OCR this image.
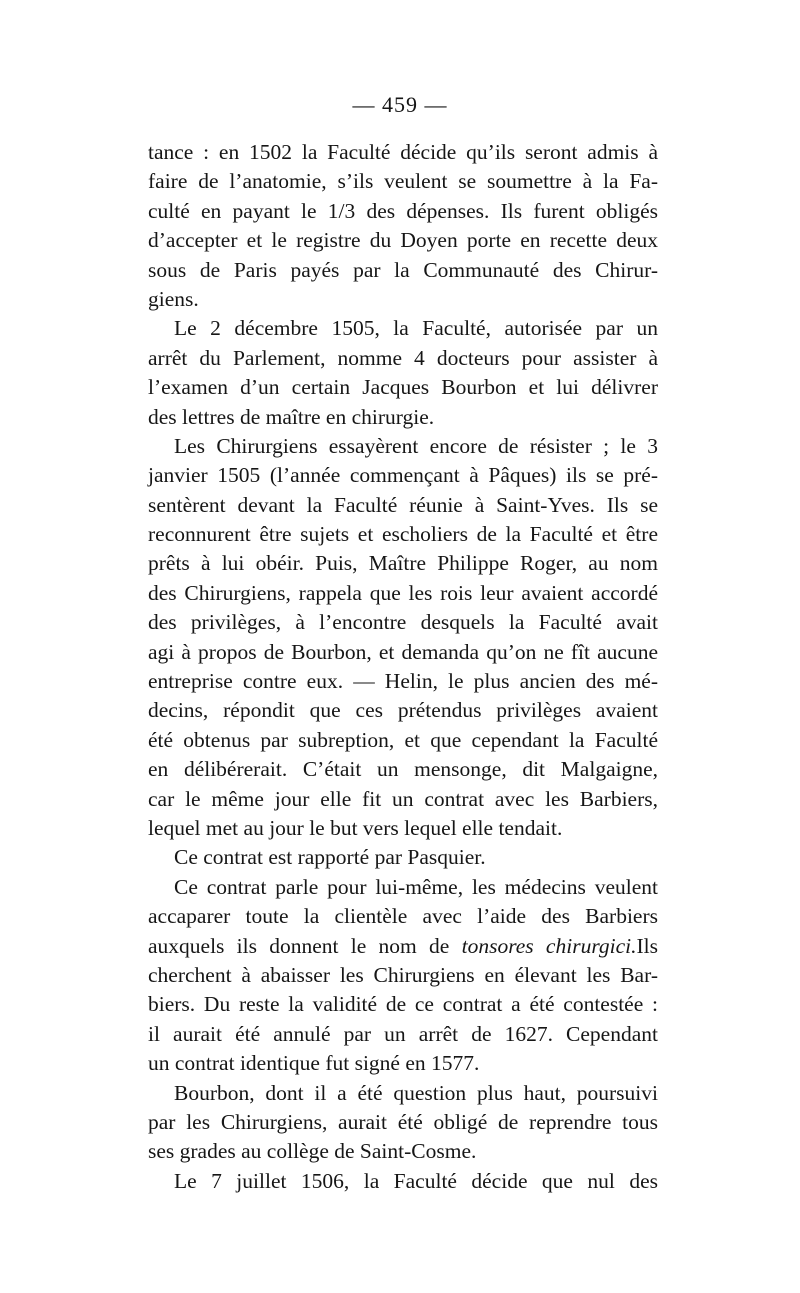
— 459 —
tance : en 1502 la Faculté décide qu’ils seront admis à
faire de l’anatomie, s’ils veulent se soumettre à la Fa-
culté en payant le 1/3 des dépenses. Ils furent obligés
d’accepter et le registre du Doyen porte en recette deux
sous de Paris payés par la Communauté des Chirur-
giens.
Le 2 décembre 1505, la Faculté, autorisée par un
arrêt du Parlement, nomme 4 docteurs pour assister à
l’examen d’un certain Jacques Bourbon et lui délivrer
des lettres de maître en chirurgie.
Les Chirurgiens essayèrent encore de résister ; le 3
janvier 1505 (l’année commençant à Pâques) ils se pré-
sentèrent devant la Faculté réunie à Saint-Yves. Ils se
reconnurent être sujets et escholiers de la Faculté et être
prêts à lui obéir. Puis, Maître Philippe Roger, au nom
des Chirurgiens, rappela que les rois leur avaient accordé
des privilèges, à l’encontre desquels la Faculté avait
agi à propos de Bourbon, et demanda qu’on ne fît aucune
entreprise contre eux. — Helin, le plus ancien des mé-
decins, répondit que ces prétendus privilèges avaient
été obtenus par subreption, et que cependant la Faculté
en délibérerait. C’était un mensonge, dit Malgaigne,
car le même jour elle fit un contrat avec les Barbiers,
lequel met au jour le but vers lequel elle tendait.
Ce contrat est rapporté par Pasquier.
Ce contrat parle pour lui-même, les médecins veulent
accaparer toute la clientèle avec l’aide des Barbiers
auxquels ils donnent le nom de tonsores chirurgici.Ils
cherchent à abaisser les Chirurgiens en élevant les Bar-
biers. Du reste la validité de ce contrat a été contestée :
il aurait été annulé par un arrêt de 1627. Cependant
un contrat identique fut signé en 1577.
Bourbon, dont il a été question plus haut, poursuivi
par les Chirurgiens, aurait été obligé de reprendre tous
ses grades au collège de Saint-Cosme.
Le 7 juillet 1506, la Faculté décide que nul des
